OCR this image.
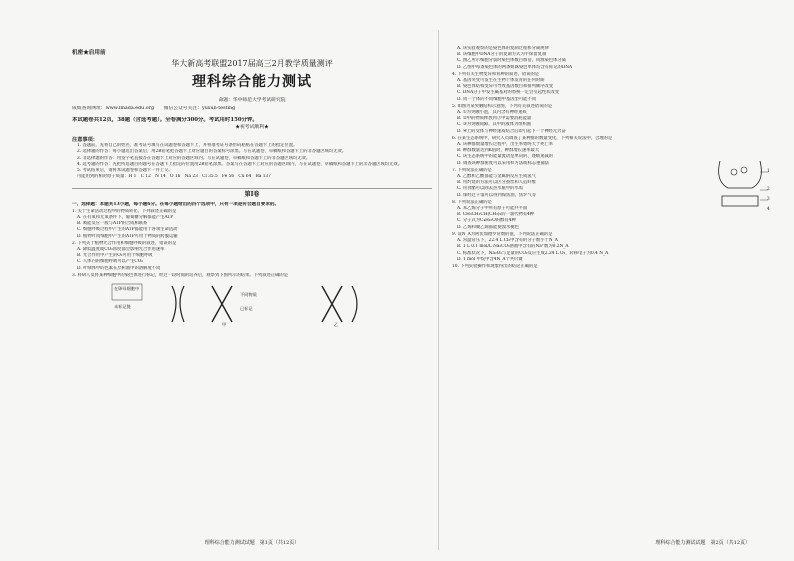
机密★启用前
华大新高考联盟2017届高三2月教学质量测评
理科综合能力测试
命题：华中师范大学考试研究院
成绩查询网址：www.lmada.edu.org　　微信公众号关注：yuxun-testing
本试题卷共12页，38题（含选考题）。全卷满分300分。考试用时150分钟。
★祝考试顺利★
注意事项：
1. 答题前，先将自己的姓名、准考证号填写在试题卷和答题卡上，并将准考证号条形码粘贴在答题卡上的指定位置。
2. 选择题的作答：每小题选出答案后，用2B铅笔把答题卡上对应题目的答案标号涂黑。写在试题卷、草稿纸和答题卡上的非答题区域均无效。
3. 非选择题的作答：用签字笔直接答在答题卡上对应的答题区域内。写在试题卷、草稿纸和答题卡上的非答题区域均无效。
4. 选考题的作答：先把所选题目的题号在答题卡上指定的位置用2B铅笔涂黑。答案写在答题卡上对应的答题区域内，写在试题卷、草稿纸和答题卡上的非答题区域均无效。
5. 考试结束后，请将本试题卷和答题卡一并上交。
可能用到的相对原子质量：H 1　C 12　N 14　O 16　Na 23　Cl 35.5　Fe 56　Cu 64　Ba 137
第Ⅰ卷
一、选择题：本题共13小题，每小题6分。在每小题给出的四个选项中，只有一项是符合题目要求的。
1. 关于生命活动过程中的物质转化，下列叙述正确的是
A. 在有氧和无氧条件下，葡萄糖分解都能产生ATP
B. 吸能反应一般与ATP的合成相联系
C. 细胞呼吸过程中产生的ATP都能用于各项生命活动
D. 植物叶肉细胞中产生的ATP可用于物质的跨膜运输
2. 下列关于植物光合作用和细胞呼吸的叙述，错误的是
A. 降低温度或CO₂浓度都会影响光合作用速率
B. 光合作用中产生的O₂可用于细胞呼吸
C. 人体内的细胞呼吸可以产生CO₂
D. 叶绿体中的色素在层析液中的溶解度不同
3. 科研人员将某种细胞中的染色体进行标记，经过一段时间的培养后，观察到下图所示的结果。下列叙述正确的是
在卵母细胞中
不同物质
未标记链	已标记
甲	乙
理科综合能力测试试题　第1页（共12页）
1
2
3
4
A. 该实验观察的是染色体的复制过程和分离规律
B. 该细胞中DNA分子的复制方式为半保留复制
C. 图乙所示细胞分裂时染色体数目加倍，同源染色体分离
D. 乙图中每条染色体的两条姐妹染色单体均含有标记的DNA
4. 下列有关生物变异和育种的叙述，错误的是
A. 基因突变可发生在生物个体发育的任何时期
B. 染色体结构变异可导致基因数目和排列顺序改变
C. DNA分子中发生碱基对的替换一定会引起性状改变
D. 同一个体的不同细胞中基因型可能不同
5. 如图为某突触结构示意图，下列有关叙述错误的是
A. ①为突触小泡，其内含有神经递质
B. ②中的物质释放到③中需要消耗能量
C. ③为突触间隙，其中的液体为组织液
D. ④上的受体与神经递质结合后即引起下一个神经元兴奋
6. 在某生态系统中，研究人员调查了某种群的数量变化，下列相关说法中，合理的是
A. 该种群数量增长过程中，出生率始终大于死亡率
B. 种群数量达到K值时，种群增长速率最大
C. 该生态系统中的能量流动是单向的、逐级递减的
D. 调查该种群密度可以采用样方法或标志重捕法
7. 下列说法正确的是
A. 乙醇和乙酸都能与金属钠反应生成氢气
B. 用灼烧的方法可以区分蚕丝和人造纤维
C. 用食醋可以除去热水瓶中的水垢
D. 煤经过干馏可以得到煤焦油、焦炉气等
8. 下列说法正确的是
A. 苯乙烯分子中所有原子可能共平面
B. CH₃CH₂CH(CH₃)₂的一氯代物有4种
C. 分子式为C₄H₁₀O的醇有4种
D. 乙烯和聚乙烯都能使溴水褪色
9. 设N_A为阿伏加德罗常数的值，下列说法正确的是
A. 常温常压下，22.4 L Cl₂中含有的分子数小于N_A
B. 1 L 0.1 mol/L Na₂CO₃溶液中含有的Na⁺数为0.2N_A
C. 标准状况下，Na₂O₂与足量的CO₂反应生成2.24 L O₂，转移电子为0.4 N_A
D. 1 mol 甲烷中含4N_A个共价键
10. 下列实验操作和现象得出的结论正确的是
理科综合能力测试试题　第2页（共12页）
